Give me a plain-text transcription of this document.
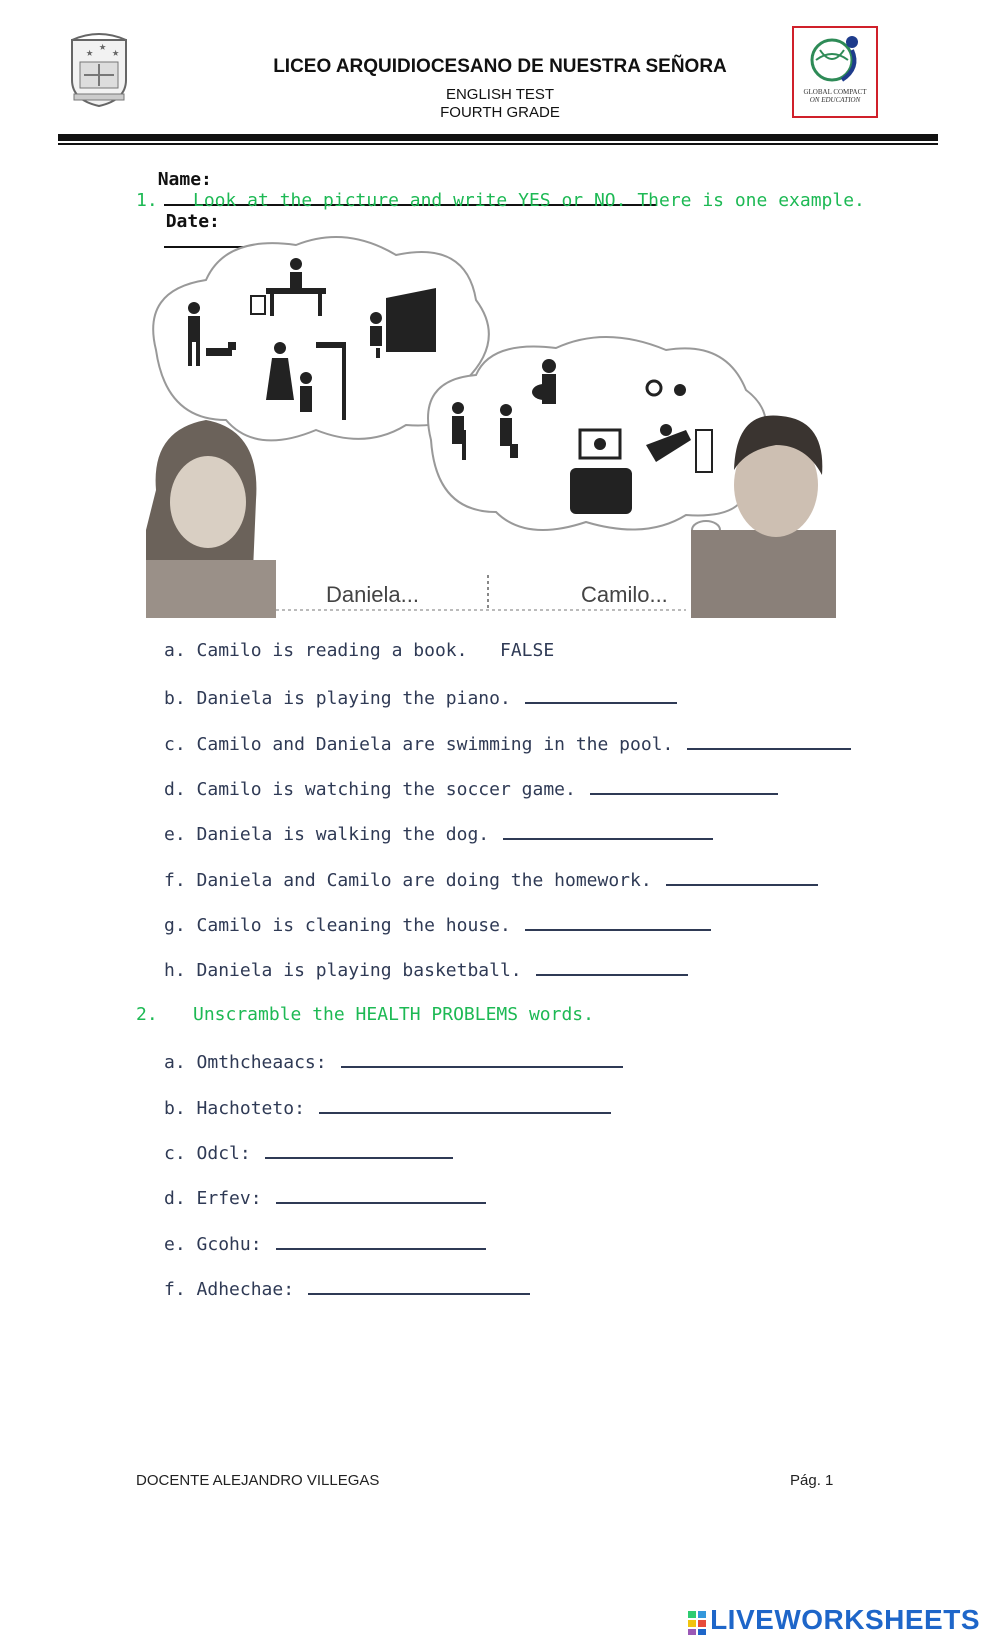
★ ★ ★
LICEO ARQUIDIOCESANO DE NUESTRA SEÑORA
ENGLISH TEST
FOURTH GRADE
GLOBAL COMPACT
ON EDUCATION

Name:

Date:

1. Look at the picture and write YES or NO. There is one example.
Daniela...	Camilo...
a. Camilo is reading a book. FALSE
b. Daniela is playing the piano.
c. Camilo and Daniela are swimming in the pool.
d. Camilo is watching the soccer game.
e. Daniela is walking the dog.
f. Daniela and Camilo are doing the homework.
g. Camilo is cleaning the house.
h. Daniela is playing basketball.
2. Unscramble the HEALTH PROBLEMS words.
a. Omthcheaacs:
b. Hachoteto:
c. Odcl:
d. Erfev:
e. Gcohu:
f. Adhechae:
DOCENTE ALEJANDRO VILLEGAS	Pág. 1
LIVEWORKSHEETS
